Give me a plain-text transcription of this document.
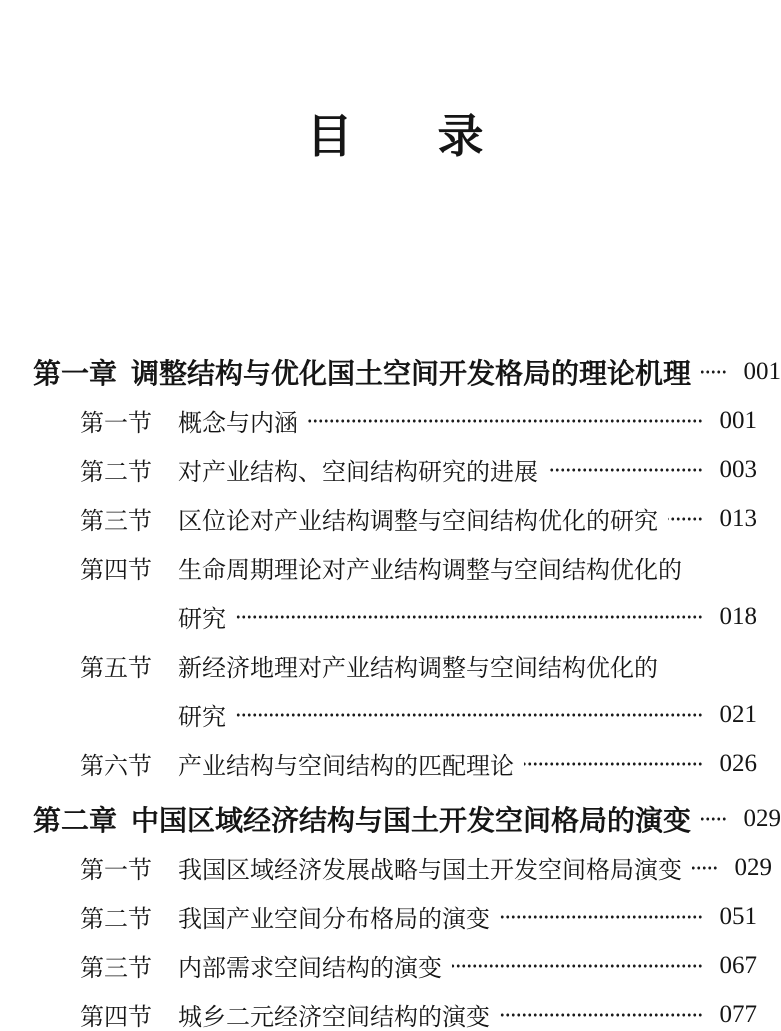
目 录
第一章 调整结构与优化国土空间开发格局的理论机理 001
第一节 概念与内涵	001
第二节 对产业结构、空间结构研究的进展	003
第三节 区位论对产业结构调整与空间结构优化的研究 013
第四节 生命周期理论对产业结构调整与空间结构优化的
研究	018
第五节 新经济地理对产业结构调整与空间结构优化的
研究	021
第六节 产业结构与空间结构的匹配理论	026
第二章 中国区域经济结构与国土开发空间格局的演变 029
第一节 我国区域经济发展战略与国土开发空间格局演变 029
第二节 我国产业空间分布格局的演变	051
第三节 内部需求空间结构的演变	067
第四节 城乡二元经济空间结构的演变	077
